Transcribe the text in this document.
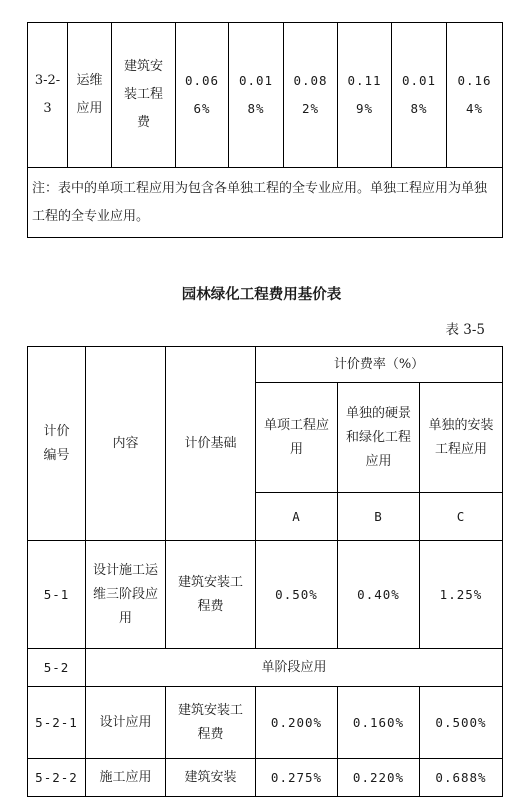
3-2-3	运维应用	建筑安装工程费	0.066%	0.018%	0.082%	0.119%	0.018%	0.164%
注：表中的单项工程应用为包含各单独工程的全专业应用。单独工程应用为单独工程的全专业应用。
园林绿化工程费用基价表
表 3-5
计价编号	内容	计价基础	计价费率（%）		
			单项工程应用	单独的硬景和绿化工程应用	单独的安装工程应用
			A	B	C
5-1	设计施工运维三阶段应用	建筑安装工程费	0.50%	0.40%	1.25%
5-2	单阶段应用				
5-2-1	设计应用	建筑安装工程费	0.200%	0.160%	0.500%
5-2-2	施工应用	建筑安装	0.275%	0.220%	0.688%
